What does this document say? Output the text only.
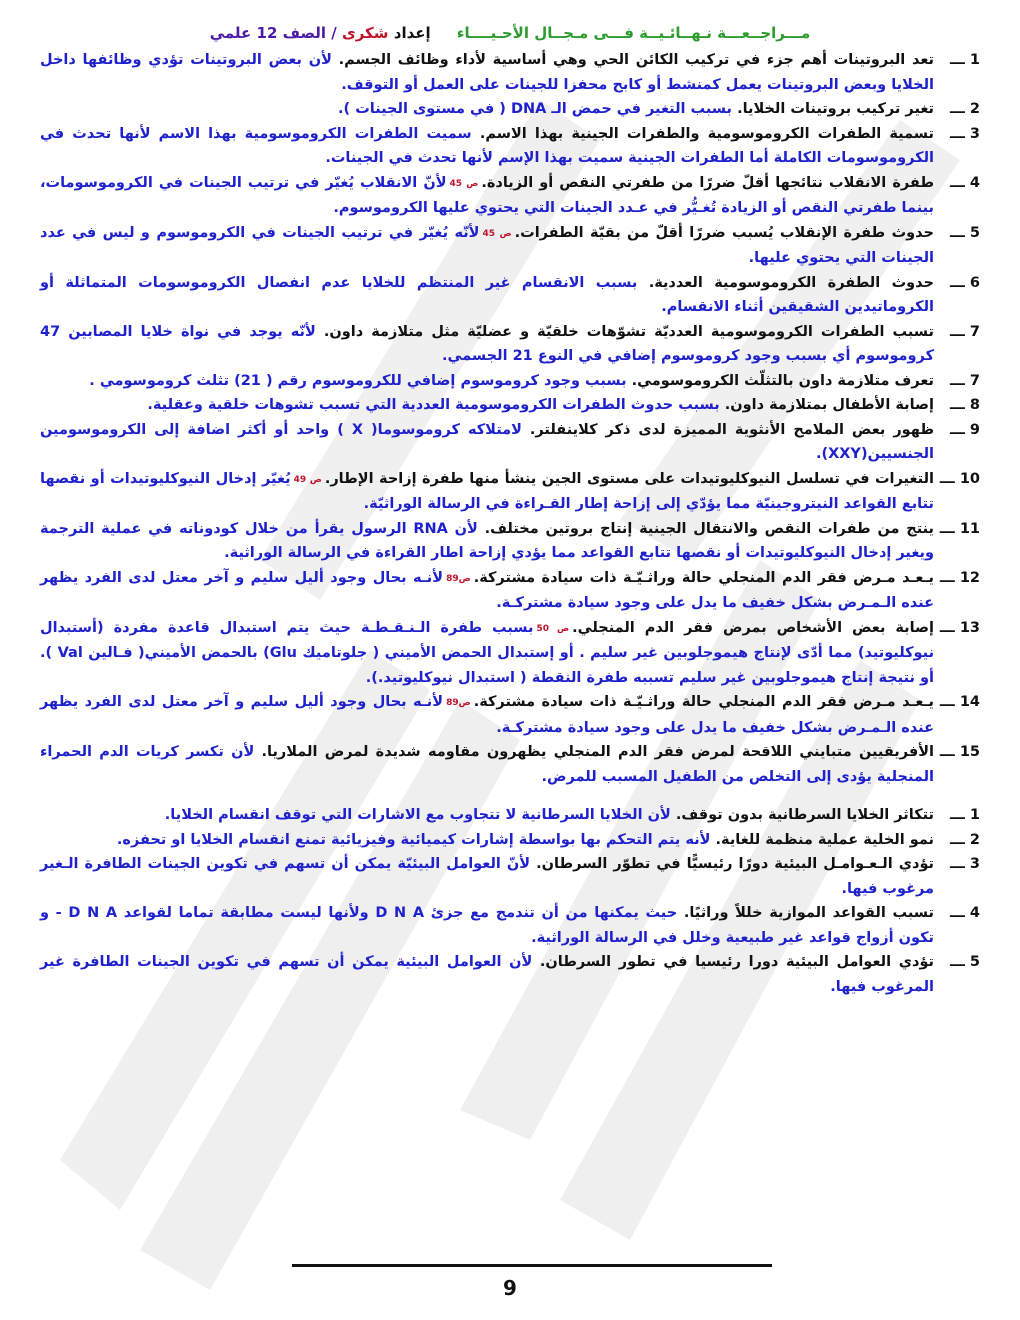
مـــراجــعـــة نـهــائـيــة فـــى مـجــال الأحـيــــاء     إعداد شكرى / الصف 12 علمي
1 ـــ
تعد البروتينات أهم جزء في تركيب الكائن الحي وهي أساسية لأداء وظائف الجسم. لأن بعض البروتينات تؤدي وظائفها داخل الخلايا وبعض البروتينات يعمل كمنشط أو كابح محفزا للجينات على العمل أو التوقف.
2 ـــ
تغير تركيب بروتينات الخلايا. بسبب التغير في حمض الـ DNA ( في مستوى الجينات ).
3 ـــ
تسمية الطفرات الكروموسومية والطفرات الجينية بهذا الاسم. سميت الطفرات الكروموسومية بهذا الاسم لأنها تحدث في الكروموسومات الكاملة أما الطفرات الجينية سميت بهذا الإسم لأنها تحدث في الجينات.
4 ـــ
طفرة الانقلاب نتائجها أقلّ ضررًا من طفرتي النقص أو الزيادة.ص 45لأنّ الانقلاب يُغيّر في ترتيب الجينات في الكروموسومات، بينما طفرتي النقص أو الزيادة تُغـيُّر في عـدد الجينات التي يحتوي عليها الكروموسوم.
5 ـــ
حدوث طفرة الإنقلاب يُسبب ضررًا أقلّ من بقيّة الطفرات.ص 45لأنّه يُغيّر في ترتيب الجينات في الكروموسوم و ليس في عدد الجينات التي يحتوي عليها.
6 ـــ
حدوث الطفرة الكروموسومية العددية. بسبب الانقسام غير المنتظم للخلايا عدم انفصال الكروموسومات المتماثلة أو الكروماتيدين الشقيقين أثناء الانقسام.
7 ـــ
تسبب الطفرات الكروموسومية العدديّة تشوّهات خلقيّة و عضليّة مثل متلازمة داون. لأنّه يوجد في نواة خلايا المصابين 47 كروموسوم أي بسبب وجود كروموسوم إضافي في النوع 21 الجسمي.
7 ـــ
تعرف متلازمة داون بالتثلّث الكروموسومي. بسبب وجود كروموسوم إضافي للكروموسوم رقم ( 21) تثلث كروموسومي .
8 ـــ
إصابة الأطفال بمتلازمة داون. بسبب حدوث الطفرات الكروموسومية العددية التي تسبب تشوهات خلقية وعقلية.
9 ـــ
ظهور بعض الملامح الأنثوية المميزة لدى ذكر كلاينفلتر. لامتلاكه كروموسوما( X ) واحد أو أكثر اضافة إلى الكروموسومين الجنسيين(XXY).
10 ـــ
التغيرات في تسلسل النيوكليوتيدات على مستوى الجين ينشأ منها طفرة إزاحة الإطار.ص 49يُغيّر إدخال النيوكليوتيدات أو نقصها تتابع القواعد النيتروجينيّة مما يؤدّي إلى إزاحة إطار القـراءة في الرسالة الوراثيّة.
11 ـــ
ينتج من طفرات النقص والانتقال الجينية إنتاج بروتين مختلف. لأن RNA الرسول يقرأ من خلال كودوناته في عملية الترجمة ويغير إدخال النيوكليوتيدات أو نقصها تتابع القواعد مما يؤدي إزاحة اطار القراءة في الرسالة الوراثية.
12 ـــ
يـعـد مـرض فقر الدم المنجلي حالة وراثـيّـة ذات سيادة مشتركة.ص89لأنـه بحال وجود أليل سليم و آخر معتل لدى الفرد يظهر عنده الـمـرض بشكل خفيف ما يدل على وجود سيادة مشتركـة.
13 ـــ
إصابة بعض الأشخاص بمرض فقر الدم المنجلي.ص 50بسبب طفرة الـنـقـطـة حيث يتم استبدال قاعدة مفردة (أستبدال نيوكليوتيد) مما أدّى لإنتاج هيموجلوبين غير سليم . أو إستبدال الحمض الأميني ( جلوتاميك Glu) بالحمض الأميني( فـالين Val ). أو نتيجة إنتاج هيموجلوبين غير سليم تسببه طفرة النقطة ( استبدال نيوكليوتيد.).
14 ـــ
يـعـد مـرض فقر الدم المنجلي حالة وراثـيّـة ذات سيادة مشتركة.ص89لأنـه بحال وجود أليل سليم و آخر معتل لدى الفرد يظهر عنده الـمـرض بشكل خفيف ما يدل على وجود سيادة مشتركـة.
15 ـــ
الأفريقيين متبايني اللاقحة لمرض فقر الدم المنجلي يظهرون مقاومه شديدة لمرض الملاريا. لأن تكسر كريات الدم الحمراء المنجلية يؤدى إلى التخلص من الطفيل المسبب للمرض.
1 ـــ
تتكاثر الخلايا السرطانية بدون توقف. لأن الخلايا السرطانية لا تتجاوب مع الاشارات التي توقف انقسام الخلايا.
2 ـــ
نمو الخلية عملية منظمة للغاية. لأنه يتم التحكم بها بواسطة إشارات كيميائية وفيزيائية تمنع انقسام الخلايا او تحفزه.
3 ـــ
تؤدي الـعـوامـل البيئية دورًا رئيسيًّا في تطوّر السرطان. لأنّ العوامل البيئيّة يمكن أن تسهم في تكوين الجينات الطافرة الـغير مرغوب فيها.
4 ـــ
تسبب القواعد الموازية خللاً وراثيًا. حيث يمكنها من أن تندمج مع جزئ D N A ولأنها ليست مطابقة تماما لقواعد D N A - و تكون أزواج قواعد غير طبيعية وخلل في الرسالة الوراثية.
5 ـــ
تؤدي العوامل البيئية دورا رئيسيا في تطور السرطان. لأن العوامل البيئية يمكن أن تسهم في تكوين الجينات الطافرة غير المرغوب فيها.
9
